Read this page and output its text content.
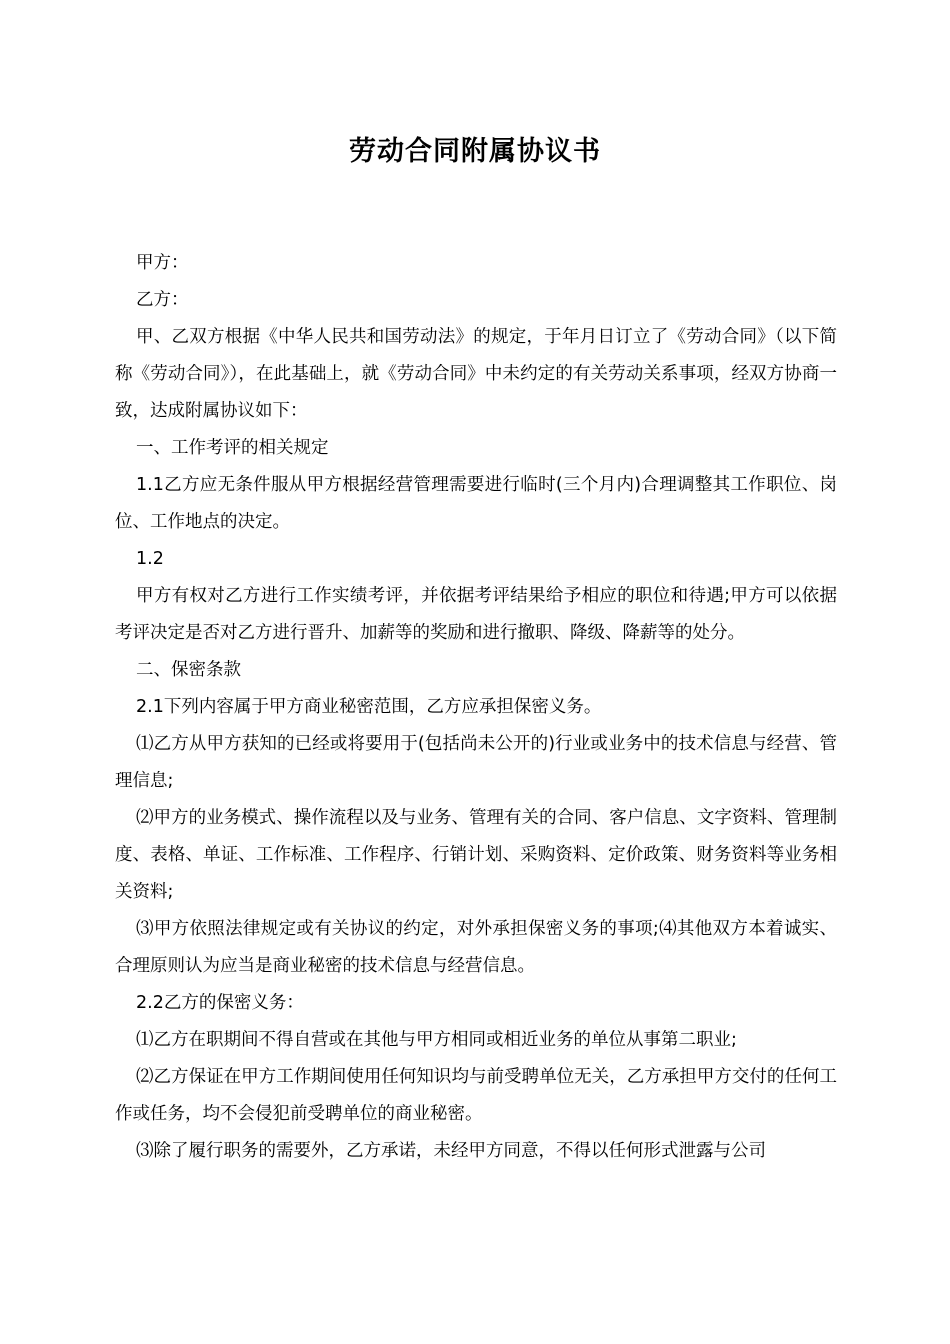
劳动合同附属协议书

甲方：

乙方：

甲、乙双方根据《中华人民共和国劳动法》的规定，于年月日订立了《劳动合同》（以下简称《劳动合同》），在此基础上，就《劳动合同》中未约定的有关劳动关系事项，经双方协商一致，达成附属协议如下：

一、工作考评的相关规定

1.1乙方应无条件服从甲方根据经营管理需要进行临时(三个月内)合理调整其工作职位、岗位、工作地点的决定。

1.2

甲方有权对乙方进行工作实绩考评，并依据考评结果给予相应的职位和待遇;甲方可以依据考评决定是否对乙方进行晋升、加薪等的奖励和进行撤职、降级、降薪等的处分。

二、保密条款

2.1下列内容属于甲方商业秘密范围，乙方应承担保密义务。

⑴乙方从甲方获知的已经或将要用于(包括尚未公开的)行业或业务中的技术信息与经营、管理信息;

⑵甲方的业务模式、操作流程以及与业务、管理有关的合同、客户信息、文字资料、管理制度、表格、单证、工作标准、工作程序、行销计划、采购资料、定价政策、财务资料等业务相关资料;

⑶甲方依照法律规定或有关协议的约定，对外承担保密义务的事项;⑷其他双方本着诚实、合理原则认为应当是商业秘密的技术信息与经营信息。

2.2乙方的保密义务：

⑴乙方在职期间不得自营或在其他与甲方相同或相近业务的单位从事第二职业;

⑵乙方保证在甲方工作期间使用任何知识均与前受聘单位无关，乙方承担甲方交付的任何工作或任务，均不会侵犯前受聘单位的商业秘密。

⑶除了履行职务的需要外，乙方承诺，未经甲方同意，不得以任何形式泄露与公司
